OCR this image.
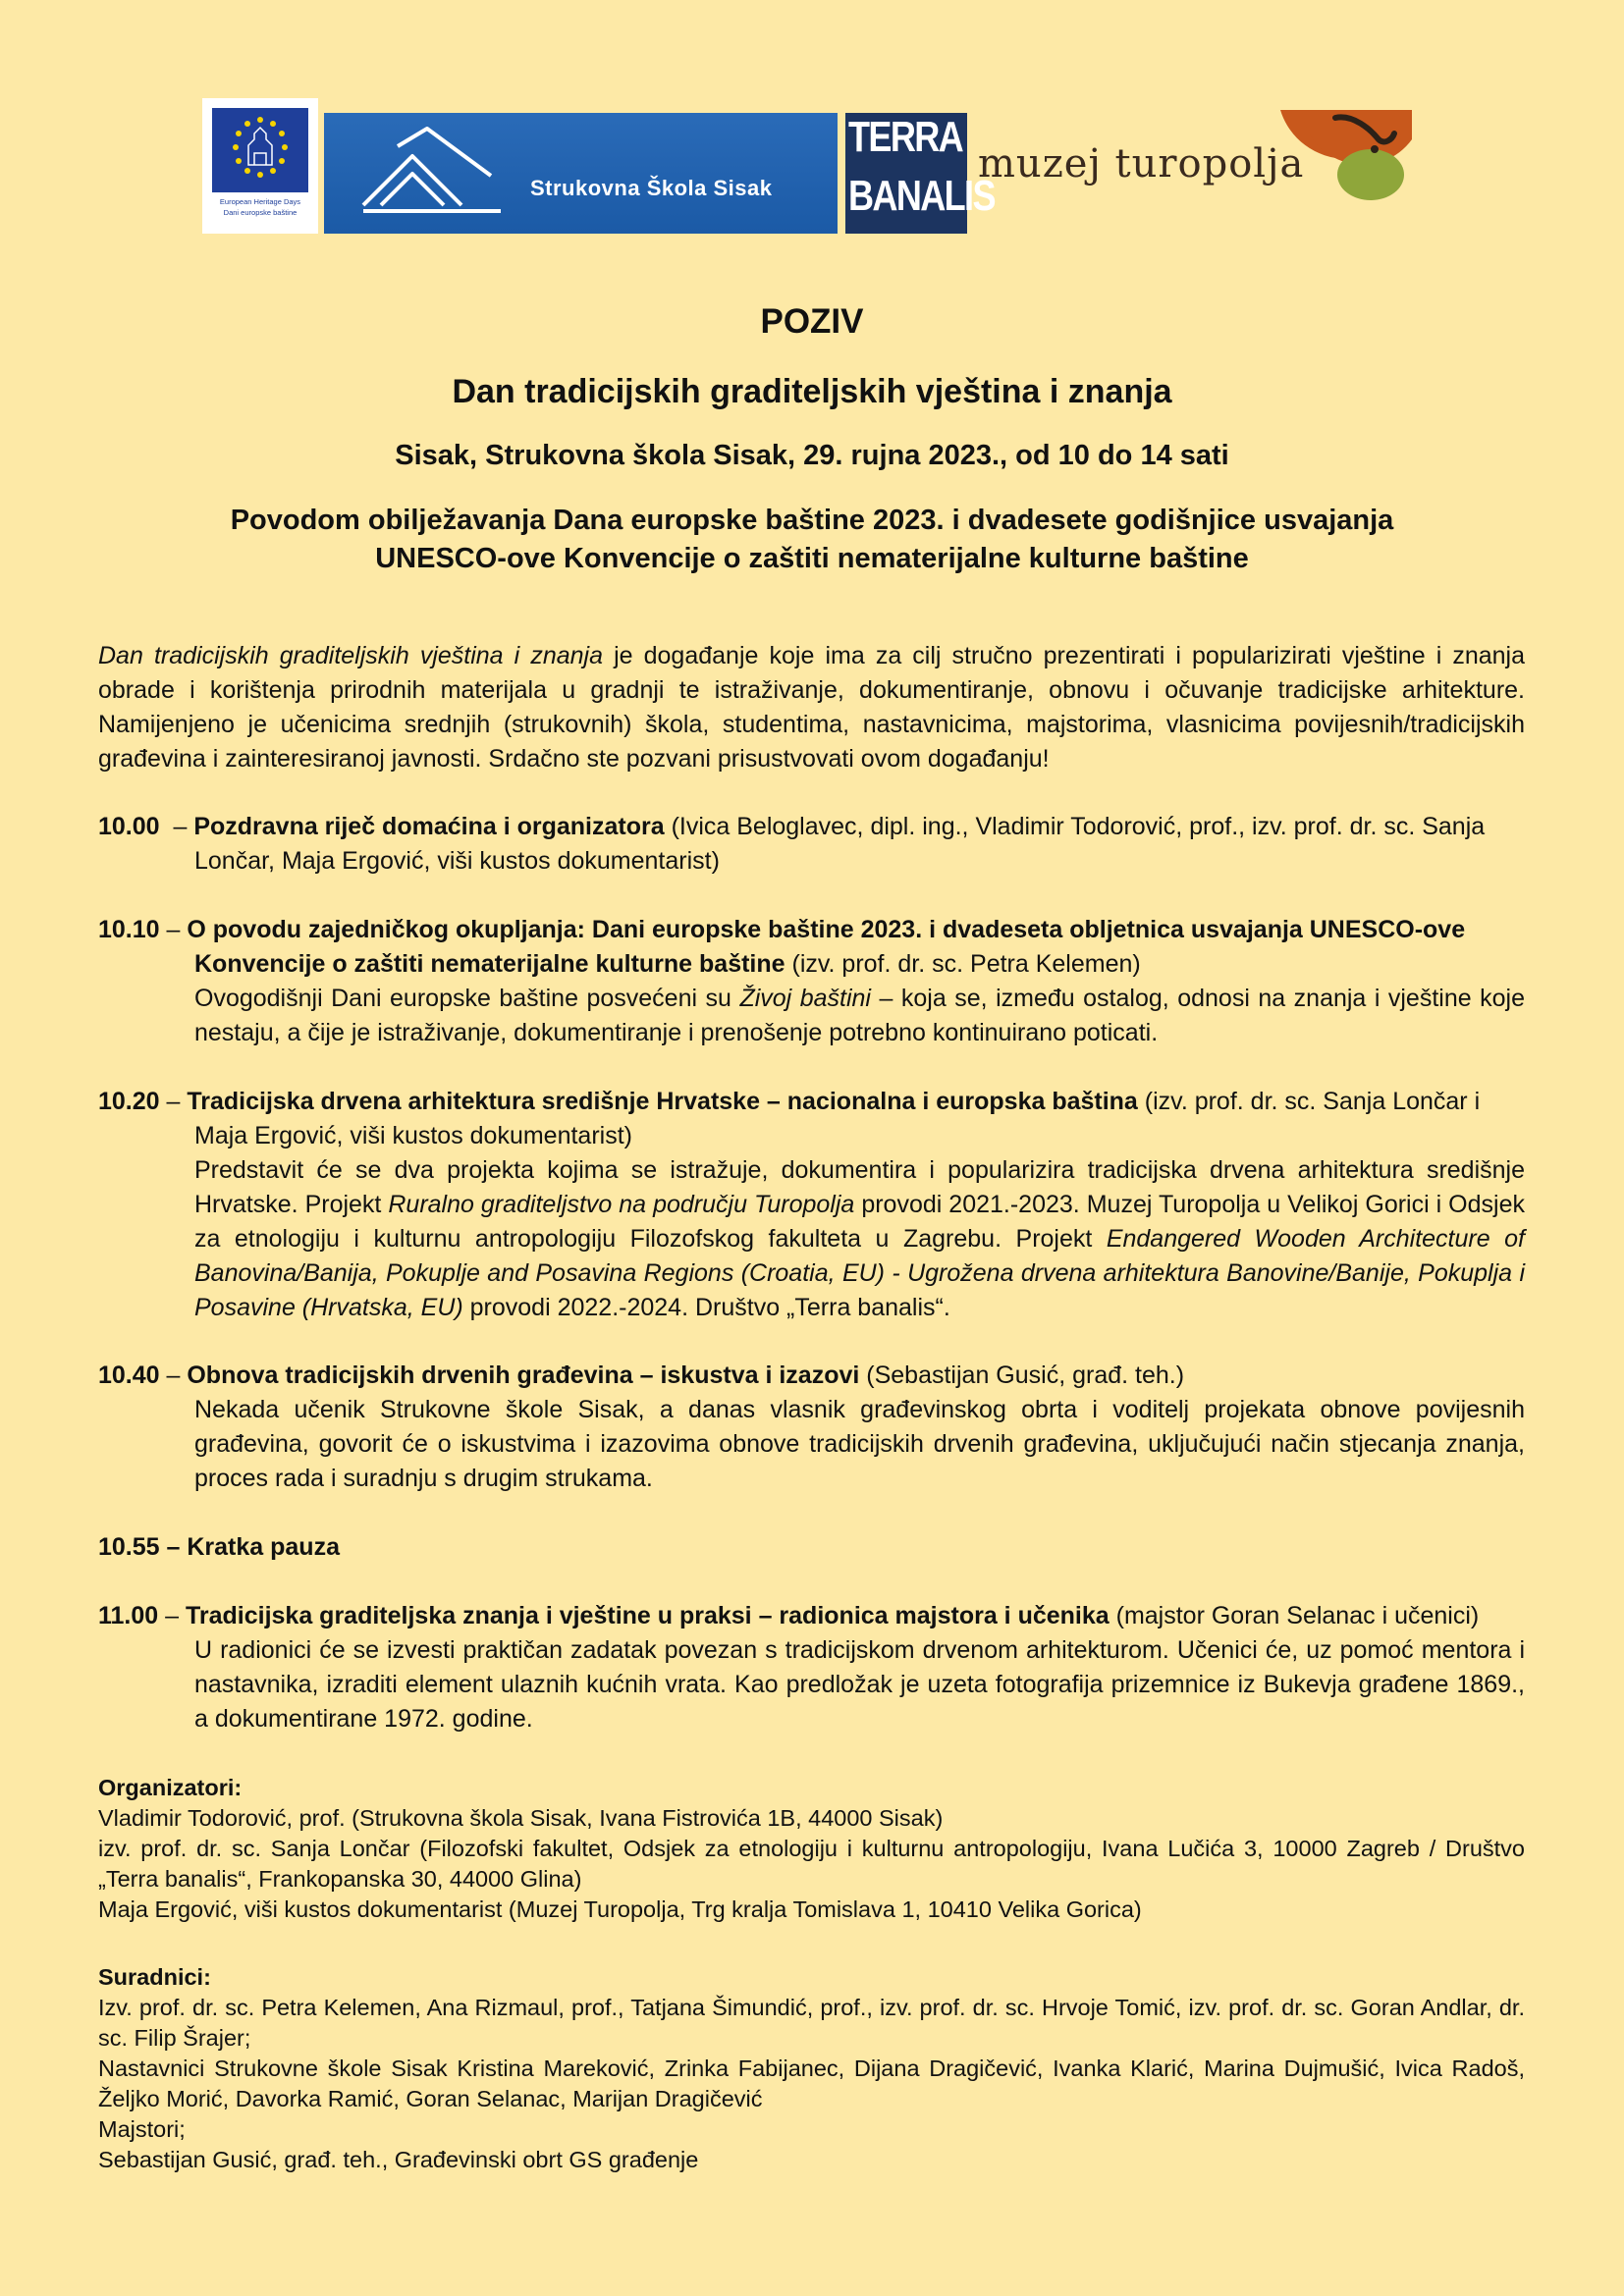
European Heritage Days
Dani europske baštine
Strukovna Škola Sisak
TERRA
BANALIS
muzej turopolja
POZIV
Dan tradicijskih graditeljskih vještina i znanja
Sisak, Strukovna škola Sisak, 29. rujna 2023., od 10 do 14 sati
Povodom obilježavanja Dana europske baštine 2023. i dvadesete godišnjice usvajanja
UNESCO-ove Konvencije o zaštiti nematerijalne kulturne baštine
Dan tradicijskih graditeljskih vještina i znanja je događanje koje ima za cilj stručno prezentirati i popularizirati vještine i znanja obrade i korištenja prirodnih materijala u gradnji te istraživanje, dokumentiranje, obnovu i očuvanje tradicijske arhitekture. Namijenjeno je učenicima srednjih (strukovnih) škola, studentima, nastavnicima, majstorima, vlasnicima povijesnih/tradicijskih građevina i zainteresiranoj javnosti. Srdačno ste pozvani prisustvovati ovom događanju!
10.00  – Pozdravna riječ domaćina i organizatora (Ivica Beloglavec, dipl. ing., Vladimir Todorović, prof., izv. prof. dr. sc. Sanja Lončar, Maja Ergović, viši kustos dokumentarist)
10.10 – O povodu zajedničkog okupljanja: Dani europske baštine 2023. i dvadeseta obljetnica usvajanja UNESCO-ove Konvencije o zaštiti nematerijalne kulturne baštine (izv. prof. dr. sc. Petra Kelemen)
Ovogodišnji Dani europske baštine posvećeni su Živoj baštini – koja se, između ostalog, odnosi na znanja i vještine koje nestaju, a čije je istraživanje, dokumentiranje i prenošenje potrebno kontinuirano poticati.
10.20 – Tradicijska drvena arhitektura središnje Hrvatske – nacionalna i europska baština (izv. prof. dr. sc. Sanja Lončar i Maja Ergović, viši kustos dokumentarist)
Predstavit će se dva projekta kojima se istražuje, dokumentira i popularizira tradicijska drvena arhitektura središnje Hrvatske. Projekt Ruralno graditeljstvo na području Turopolja provodi 2021.-2023. Muzej Turopolja u Velikoj Gorici i Odsjek za etnologiju i kulturnu antropologiju Filozofskog fakulteta u Zagrebu. Projekt Endangered Wooden Architecture of Banovina/Banija, Pokuplje and Posavina Regions (Croatia, EU) - Ugrožena drvena arhitektura Banovine/Banije, Pokuplja i Posavine (Hrvatska, EU) provodi 2022.-2024. Društvo „Terra banalis“.
10.40 – Obnova tradicijskih drvenih građevina – iskustva i izazovi (Sebastijan Gusić, građ. teh.)
Nekada učenik Strukovne škole Sisak, a danas vlasnik građevinskog obrta i voditelj projekata obnove povijesnih građevina, govorit će o iskustvima i izazovima obnove tradicijskih drvenih građevina, uključujući način stjecanja znanja, proces rada i suradnju s drugim strukama.
10.55 – Kratka pauza
11.00 – Tradicijska graditeljska znanja i vještine u praksi – radionica majstora i učenika (majstor Goran Selanac i učenici)
U radionici će se izvesti praktičan zadatak povezan s tradicijskom drvenom arhitekturom. Učenici će, uz pomoć mentora i nastavnika, izraditi element ulaznih kućnih vrata. Kao predložak je uzeta fotografija prizemnice iz Bukevja građene 1869., a dokumentirane 1972. godine.

Organizatori:

Vladimir Todorović, prof. (Strukovna škola Sisak, Ivana Fistrovića 1B, 44000 Sisak)

izv. prof. dr. sc. Sanja Lončar (Filozofski fakultet, Odsjek za etnologiju i kulturnu antropologiju, Ivana Lučića 3, 10000 Zagreb / Društvo „Terra banalis“, Frankopanska 30, 44000 Glina)

Maja Ergović, viši kustos dokumentarist (Muzej Turopolja, Trg kralja Tomislava 1, 10410 Velika Gorica)

Suradnici:

Izv. prof. dr. sc. Petra Kelemen, Ana Rizmaul, prof., Tatjana Šimundić, prof., izv. prof. dr. sc. Hrvoje Tomić, izv. prof. dr. sc. Goran Andlar, dr. sc. Filip Šrajer;

Nastavnici Strukovne škole Sisak Kristina Mareković, Zrinka Fabijanec, Dijana Dragičević, Ivanka Klarić, Marina Dujmušić, Ivica Radoš, Željko Morić, Davorka Ramić, Goran Selanac, Marijan Dragičević

Majstori;

Sebastijan Gusić, građ. teh., Građevinski obrt GS građenje
